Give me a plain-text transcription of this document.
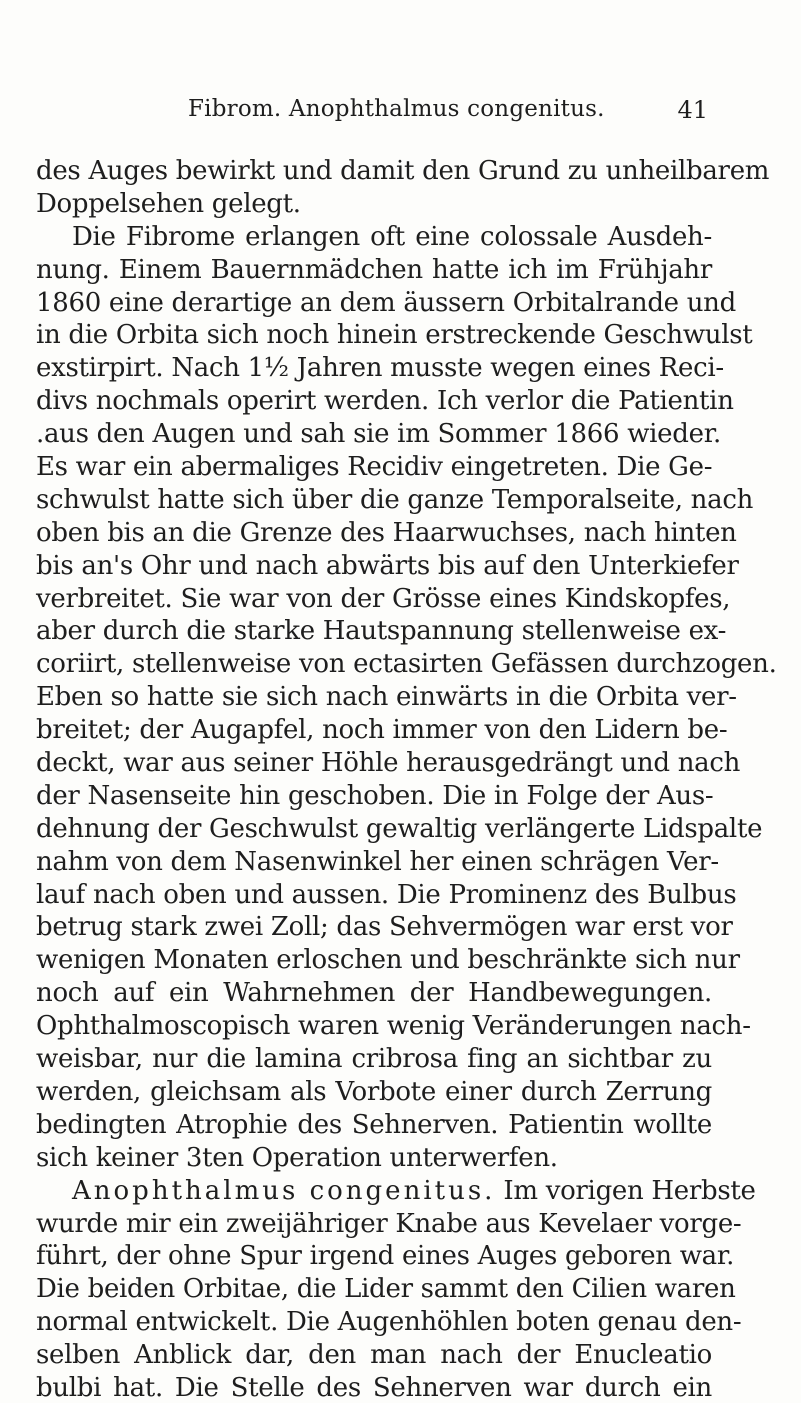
Fibrom. Anophthalmus congenitus.	41
des Auges bewirkt und damit den Grund zu unheilbarem
Doppelsehen gelegt.
Die Fibrome erlangen oft eine colossale Ausdeh-
nung. Einem Bauernmädchen hatte ich im Frühjahr
1860 eine derartige an dem äussern Orbitalrande und
in die Orbita sich noch hinein erstreckende Geschwulst
exstirpirt. Nach 1½ Jahren musste wegen eines Reci-
divs nochmals operirt werden. Ich verlor die Patientin
.aus den Augen und sah sie im Sommer 1866 wieder.
Es war ein abermaliges Recidiv eingetreten. Die Ge-
schwulst hatte sich über die ganze Temporalseite, nach
oben bis an die Grenze des Haarwuchses, nach hinten
bis an's Ohr und nach abwärts bis auf den Unterkiefer
verbreitet. Sie war von der Grösse eines Kindskopfes,
aber durch die starke Hautspannung stellenweise ex-
coriirt, stellenweise von ectasirten Gefässen durchzogen.
Eben so hatte sie sich nach einwärts in die Orbita ver-
breitet; der Augapfel, noch immer von den Lidern be-
deckt, war aus seiner Höhle herausgedrängt und nach
der Nasenseite hin geschoben. Die in Folge der Aus-
dehnung der Geschwulst gewaltig verlängerte Lidspalte
nahm von dem Nasenwinkel her einen schrägen Ver-
lauf nach oben und aussen. Die Prominenz des Bulbus
betrug stark zwei Zoll; das Sehvermögen war erst vor
wenigen Monaten erloschen und beschränkte sich nur
noch auf ein Wahrnehmen der Handbewegungen.
Ophthalmoscopisch waren wenig Veränderungen nach-
weisbar, nur die lamina cribrosa fing an sichtbar zu
werden, gleichsam als Vorbote einer durch Zerrung
bedingten Atrophie des Sehnerven. Patientin wollte
sich keiner 3ten Operation unterwerfen.
Anophthalmus congenitus. Im vorigen Herbste
wurde mir ein zweijähriger Knabe aus Kevelaer vorge-
führt, der ohne Spur irgend eines Auges geboren war.
Die beiden Orbitae, die Lider sammt den Cilien waren
normal entwickelt. Die Augenhöhlen boten genau den-
selben Anblick dar, den man nach der Enucleatio
bulbi hat. Die Stelle des Sehnerven war durch ein
